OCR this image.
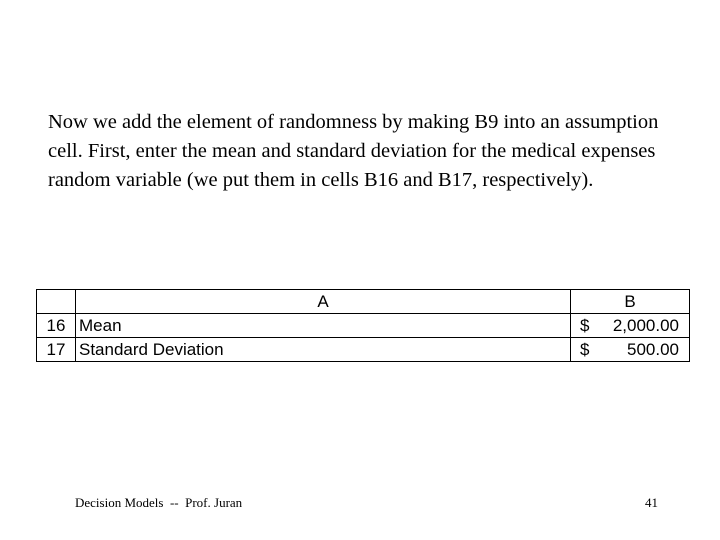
Now we add the element of randomness by making B9 into an assumption cell. First, enter the mean and standard deviation for the medical expenses random variable (we put them in cells B16 and B17, respectively).
	A	B
16	Mean	$ 2,000.00

17	Standard Deviation	$ 500.00
Decision Models  --  Prof. Juran	41
